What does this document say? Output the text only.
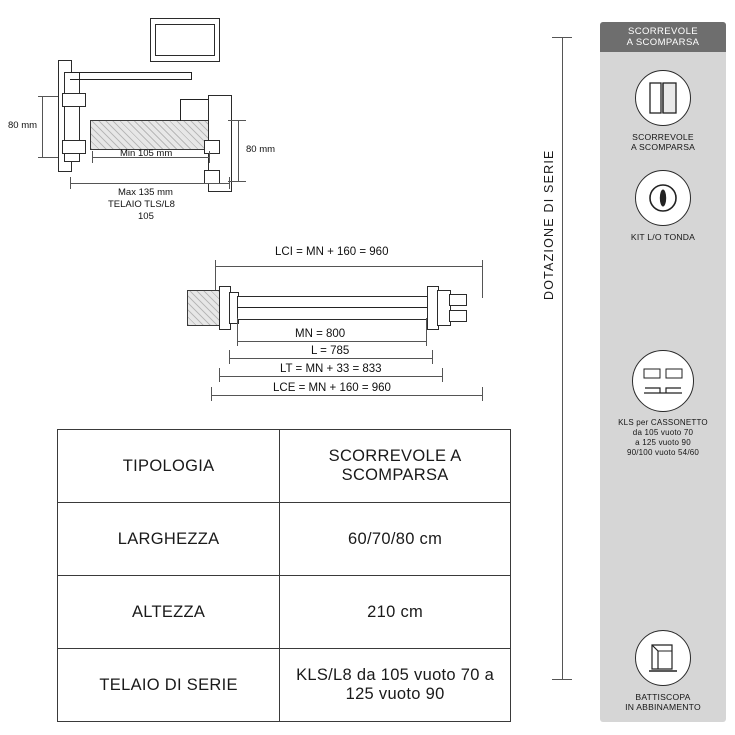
80 mm
80 mm
Min 105 mm
Max 135 mm
TELAIO TLS/L8
105
LCI = MN + 160 = 960
MN = 800
L = 785
LT = MN + 33 = 833
LCE = MN + 160 = 960
DOTAZIONE DI SERIE
TIPOLOGIA	SCORREVOLE A SCOMPARSA
LARGHEZZA	60/70/80 cm
ALTEZZA	210 cm
TELAIO DI SERIE	KLS/L8 da 105 vuoto 70 a 125 vuoto 90
SCORREVOLE
A SCOMPARSA
SCORREVOLE
A SCOMPARSA
KIT L/O TONDA
KLS per CASSONETTO
da 105 vuoto 70
a 125 vuoto 90
90/100 vuoto 54/60
BATTISCOPA
IN ABBINAMENTO
